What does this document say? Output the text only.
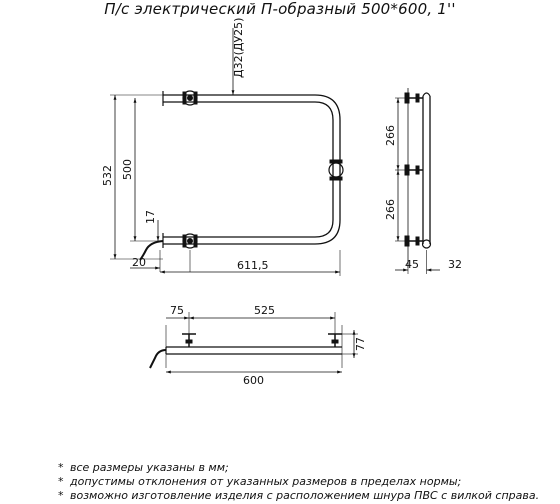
П/с электрический П-образный 500*600, 1''
Д32(ДУ25)
532 500
17
20	611,5
266
266
45	32
75	525
77
600
* все размеры указаны в мм;
* допустимы отклонения от указанных размеров в пределах нормы;
* возможно изготовление изделия с расположением шнура ПВС с вилкой справа.
